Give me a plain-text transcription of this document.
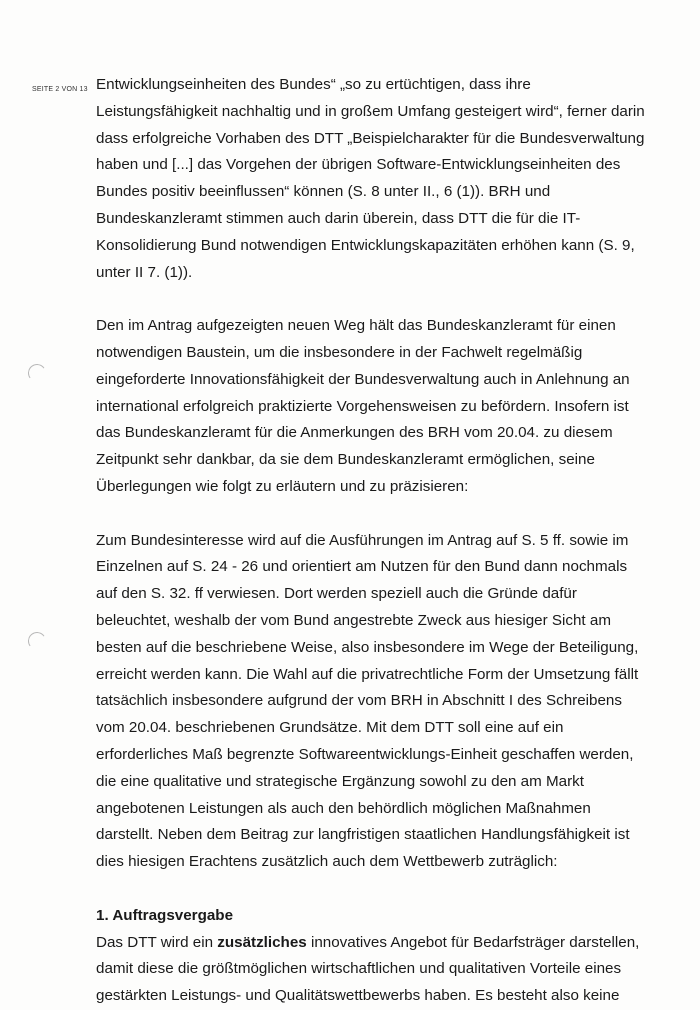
SEITE 2 VON 13 Entwicklungseinheiten des Bundes“ „so zu ertüchtigen, dass ihre
Leistungsfähigkeit nachhaltig und in großem Umfang gesteigert wird“, ferner darin
dass erfolgreiche Vorhaben des DTT „Beispielcharakter für die Bundesverwaltung
haben und [...] das Vorgehen der übrigen Software-Entwicklungseinheiten des
Bundes positiv beeinflussen“ können (S. 8 unter II., 6 (1)). BRH und
Bundeskanzleramt stimmen auch darin überein, dass DTT die für die IT-
Konsolidierung Bund notwendigen Entwicklungskapazitäten erhöhen kann (S. 9,
unter II 7. (1)).

Den im Antrag aufgezeigten neuen Weg hält das Bundeskanzleramt für einen
notwendigen Baustein, um die insbesondere in der Fachwelt regelmäßig
eingeforderte Innovationsfähigkeit der Bundesverwaltung auch in Anlehnung an
international erfolgreich praktizierte Vorgehensweisen zu befördern. Insofern ist
das Bundeskanzleramt für die Anmerkungen des BRH vom 20.04. zu diesem
Zeitpunkt sehr dankbar, da sie dem Bundeskanzleramt ermöglichen, seine
Überlegungen wie folgt zu erläutern und zu präzisieren:

Zum Bundesinteresse wird auf die Ausführungen im Antrag auf S. 5 ff. sowie im
Einzelnen auf S. 24 - 26 und orientiert am Nutzen für den Bund dann nochmals
auf den S. 32. ff verwiesen. Dort werden speziell auch die Gründe dafür
beleuchtet, weshalb der vom Bund angestrebte Zweck aus hiesiger Sicht am
besten auf die beschriebene Weise, also insbesondere im Wege der Beteiligung,
erreicht werden kann. Die Wahl auf die privatrechtliche Form der Umsetzung fällt
tatsächlich insbesondere aufgrund der vom BRH in Abschnitt I des Schreibens
vom 20.04. beschriebenen Grundsätze. Mit dem DTT soll eine auf ein
erforderliches Maß begrenzte Softwareentwicklungs-Einheit geschaffen werden,
die eine qualitative und strategische Ergänzung sowohl zu den am Markt
angebotenen Leistungen als auch den behördlich möglichen Maßnahmen
darstellt. Neben dem Beitrag zur langfristigen staatlichen Handlungsfähigkeit ist
dies hiesigen Erachtens zusätzlich auch dem Wettbewerb zuträglich:

1. Auftragsvergabe

Das DTT wird ein zusätzliches innovatives Angebot für Bedarfsträger darstellen,
damit diese die größtmöglichen wirtschaftlichen und qualitativen Vorteile eines
gestärkten Leistungs- und Qualitätswettbewerbs haben. Es besteht also keine
